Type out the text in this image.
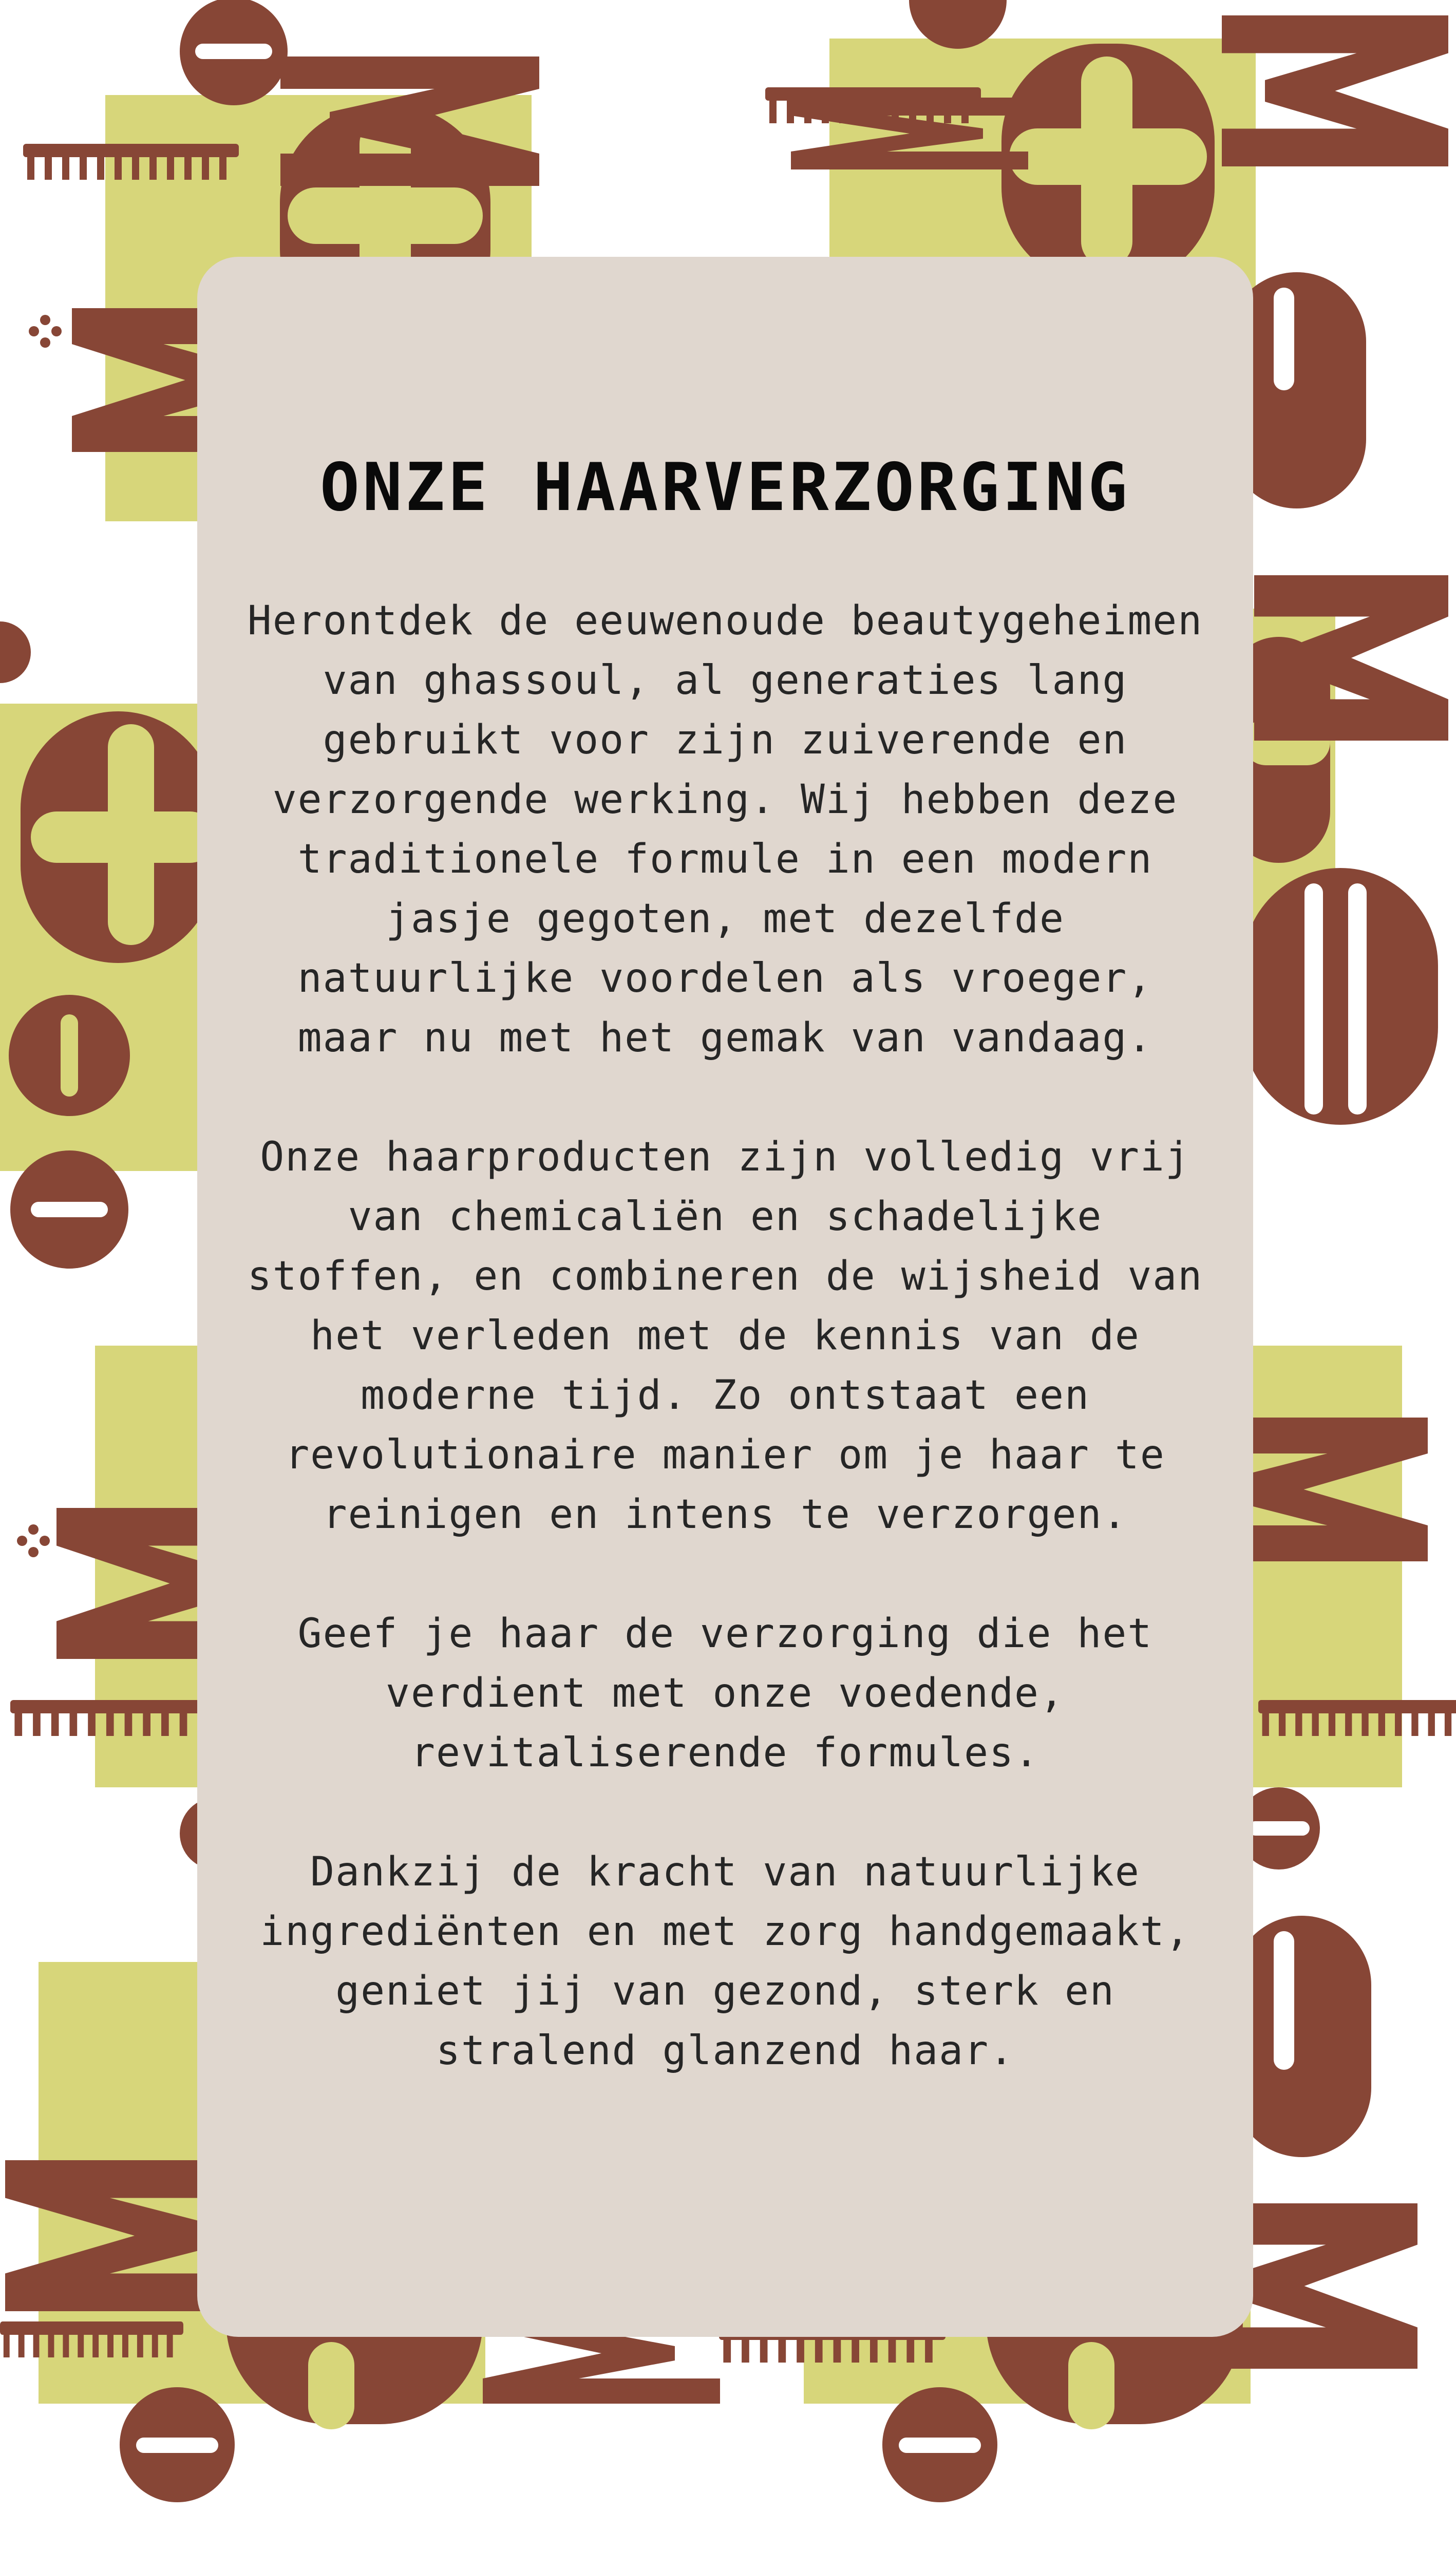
ONZE HAARVERZORGING

Herontdek de eeuwenoude beautygeheimen van ghassoul, al generaties lang gebruikt voor zijn zuiverende en verzorgende werking. Wij hebben deze traditionele formule in een modern jasje gegoten, met dezelfde natuurlijke voordelen als vroeger, maar nu met het gemak van vandaag.

Onze haarproducten zijn volledig vrij van chemicaliën en schadelijke stoffen, en combineren de wijsheid van het verleden met de kennis van de moderne tijd. Zo ontstaat een revolutionaire manier om je haar te reinigen en intens te verzorgen.

Geef je haar de verzorging die het verdient met onze voedende, revitaliserende formules.

Dankzij de kracht van natuurlijke ingrediënten en met zorg handgemaakt, geniet jij van gezond, sterk en stralend glanzend haar.
